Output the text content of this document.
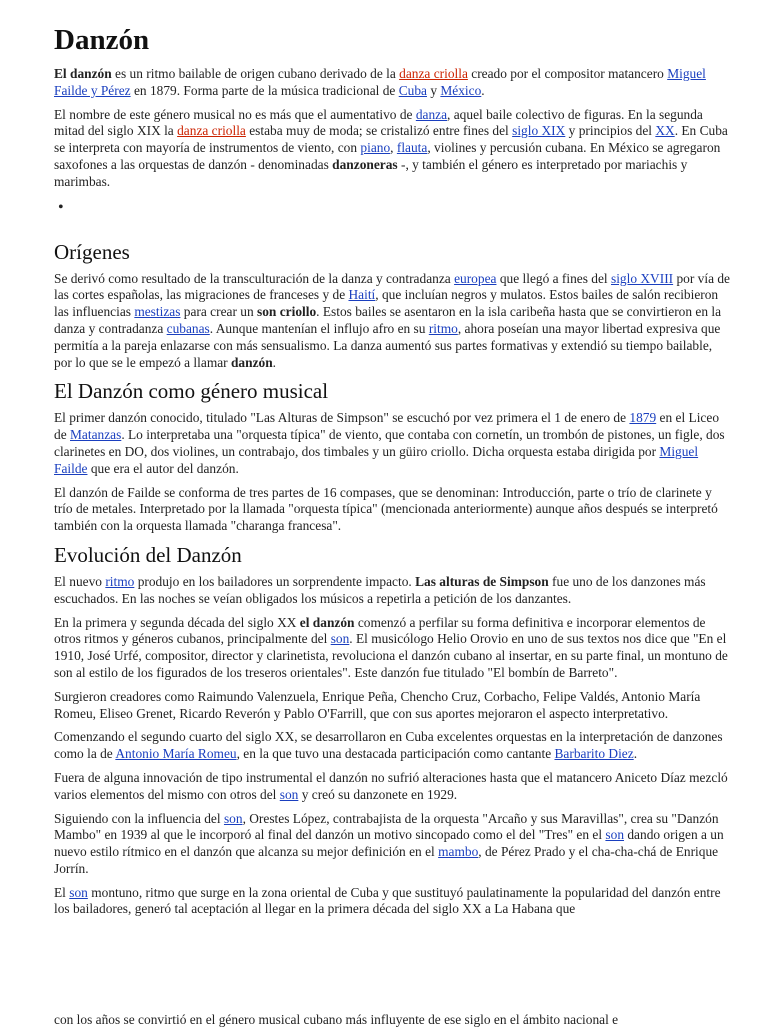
Danzón

El danzón es un ritmo bailable de origen cubano derivado de la danza criolla creado por el compositor matancero Miguel Failde y Pérez en 1879. Forma parte de la música tradicional de Cuba y México.

El nombre de este género musical no es más que el aumentativo de danza, aquel baile colectivo de figuras. En la segunda mitad del siglo XIX la danza criolla estaba muy de moda; se cristalizó entre fines del siglo XIX y principios del XX. En Cuba se interpreta con mayoría de instrumentos de viento, con piano, flauta, violines y percusión cubana. En México se agregaron saxofones a las orquestas de danzón - denominadas danzoneras -, y también el género es interpretado por mariachis y marimbas.

•
Orígenes

Se derivó como resultado de la transculturación de la danza y contradanza europea que llegó a fines del siglo XVIII por vía de las cortes españolas, las migraciones de franceses y de Haití, que incluían negros y mulatos. Estos bailes de salón recibieron las influencias mestizas para crear un son criollo. Estos bailes se asentaron en la isla caribeña hasta que se convirtieron en la danza y contradanza cubanas. Aunque mantenían el influjo afro en su ritmo, ahora poseían una mayor libertad expresiva que permitía a la pareja enlazarse con más sensualismo. La danza aumentó sus partes formativas y extendió su tiempo bailable, por lo que se le empezó a llamar danzón.

El Danzón como género musical

El primer danzón conocido, titulado "Las Alturas de Simpson" se escuchó por vez primera el 1 de enero de 1879 en el Liceo de Matanzas. Lo interpretaba una "orquesta típica" de viento, que contaba con cornetín, un trombón de pistones, un figle, dos clarinetes en DO, dos violines, un contrabajo, dos timbales y un güiro criollo. Dicha orquesta estaba dirigida por Miguel Failde que era el autor del danzón.

El danzón de Failde se conforma de tres partes de 16 compases, que se denominan: Introducción, parte o trío de clarinete y trío de metales. Interpretado por la llamada "orquesta típica" (mencionada anteriormente) aunque años después se interpretó también con la orquesta llamada "charanga francesa".

Evolución del Danzón

El nuevo ritmo produjo en los bailadores un sorprendente impacto. Las alturas de Simpson fue uno de los danzones más escuchados. En las noches se veían obligados los músicos a repetirla a petición de los danzantes.

En la primera y segunda década del siglo XX el danzón comenzó a perfilar su forma definitiva e incorporar elementos de otros ritmos y géneros cubanos, principalmente del son. El musicólogo Helio Orovio en uno de sus textos nos dice que "En el 1910, José Urfé, compositor, director y clarinetista, revoluciona el danzón cubano al insertar, en su parte final, un montuno de son al estilo de los figurados de los treseros orientales". Este danzón fue titulado "El bombín de Barreto".

Surgieron creadores como Raimundo Valenzuela, Enrique Peña, Chencho Cruz, Corbacho, Felipe Valdés, Antonio María Romeu, Eliseo Grenet, Ricardo Reverón y Pablo O'Farrill, que con sus aportes mejoraron el aspecto interpretativo.

Comenzando el segundo cuarto del siglo XX, se desarrollaron en Cuba excelentes orquestas en la interpretación de danzones como la de Antonio María Romeu, en la que tuvo una destacada participación como cantante Barbarito Diez.

Fuera de alguna innovación de tipo instrumental el danzón no sufrió alteraciones hasta que el matancero Aniceto Díaz mezcló varios elementos del mismo con otros del son y creó su danzonete en 1929.

Siguiendo con la influencia del son, Orestes López, contrabajista de la orquesta "Arcaño y sus Maravillas", crea su "Danzón Mambo" en 1939 al que le incorporó al final del danzón un motivo sincopado como el del "Tres" en el son dando origen a un nuevo estilo rítmico en el danzón que alcanza su mejor definición en el mambo, de Pérez Prado y el cha-cha-chá de Enrique Jorrín.

El son montuno, ritmo que surge en la zona oriental de Cuba y que sustituyó paulatinamente la popularidad del danzón entre los bailadores, generó tal aceptación al llegar en la primera década del siglo XX a La Habana que

con los años se convirtió en el género musical cubano más influyente de ese siglo en el ámbito nacional e
